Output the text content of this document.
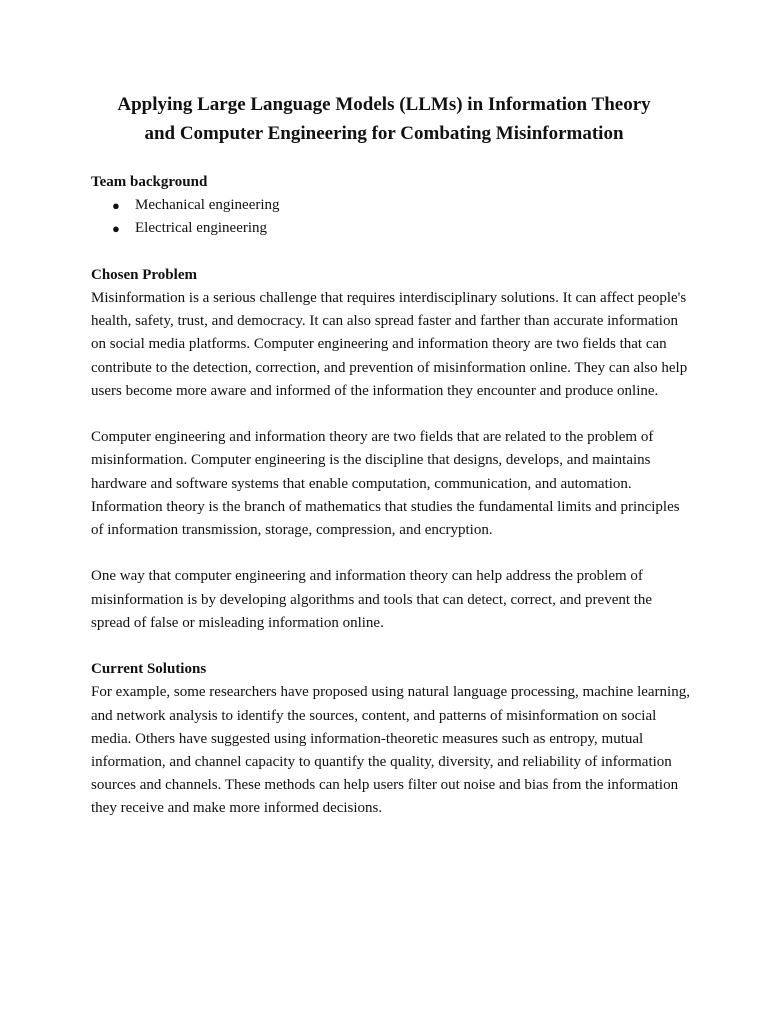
Applying Large Language Models (LLMs) in Information Theory
and Computer Engineering for Combating Misinformation
Team background
● Mechanical engineering
● Electrical engineering
Chosen Problem

Misinformation is a serious challenge that requires interdisciplinary solutions. It can affect people's health, safety, trust, and democracy. It can also spread faster and farther than accurate information on social media platforms. Computer engineering and information theory are two fields that can contribute to the detection, correction, and prevention of misinformation online. They can also help users become more aware and informed of the information they encounter and produce online.

Computer engineering and information theory are two fields that are related to the problem of misinformation. Computer engineering is the discipline that designs, develops, and maintains hardware and software systems that enable computation, communication, and automation. Information theory is the branch of mathematics that studies the fundamental limits and principles of information transmission, storage, compression, and encryption.

One way that computer engineering and information theory can help address the problem of misinformation is by developing algorithms and tools that can detect, correct, and prevent the spread of false or misleading information online.

Current Solutions

For example, some researchers have proposed using natural language processing, machine learning, and network analysis to identify the sources, content, and patterns of misinformation on social media. Others have suggested using information-theoretic measures such as entropy, mutual information, and channel capacity to quantify the quality, diversity, and reliability of information sources and channels. These methods can help users filter out noise and bias from the information they receive and make more informed decisions.
